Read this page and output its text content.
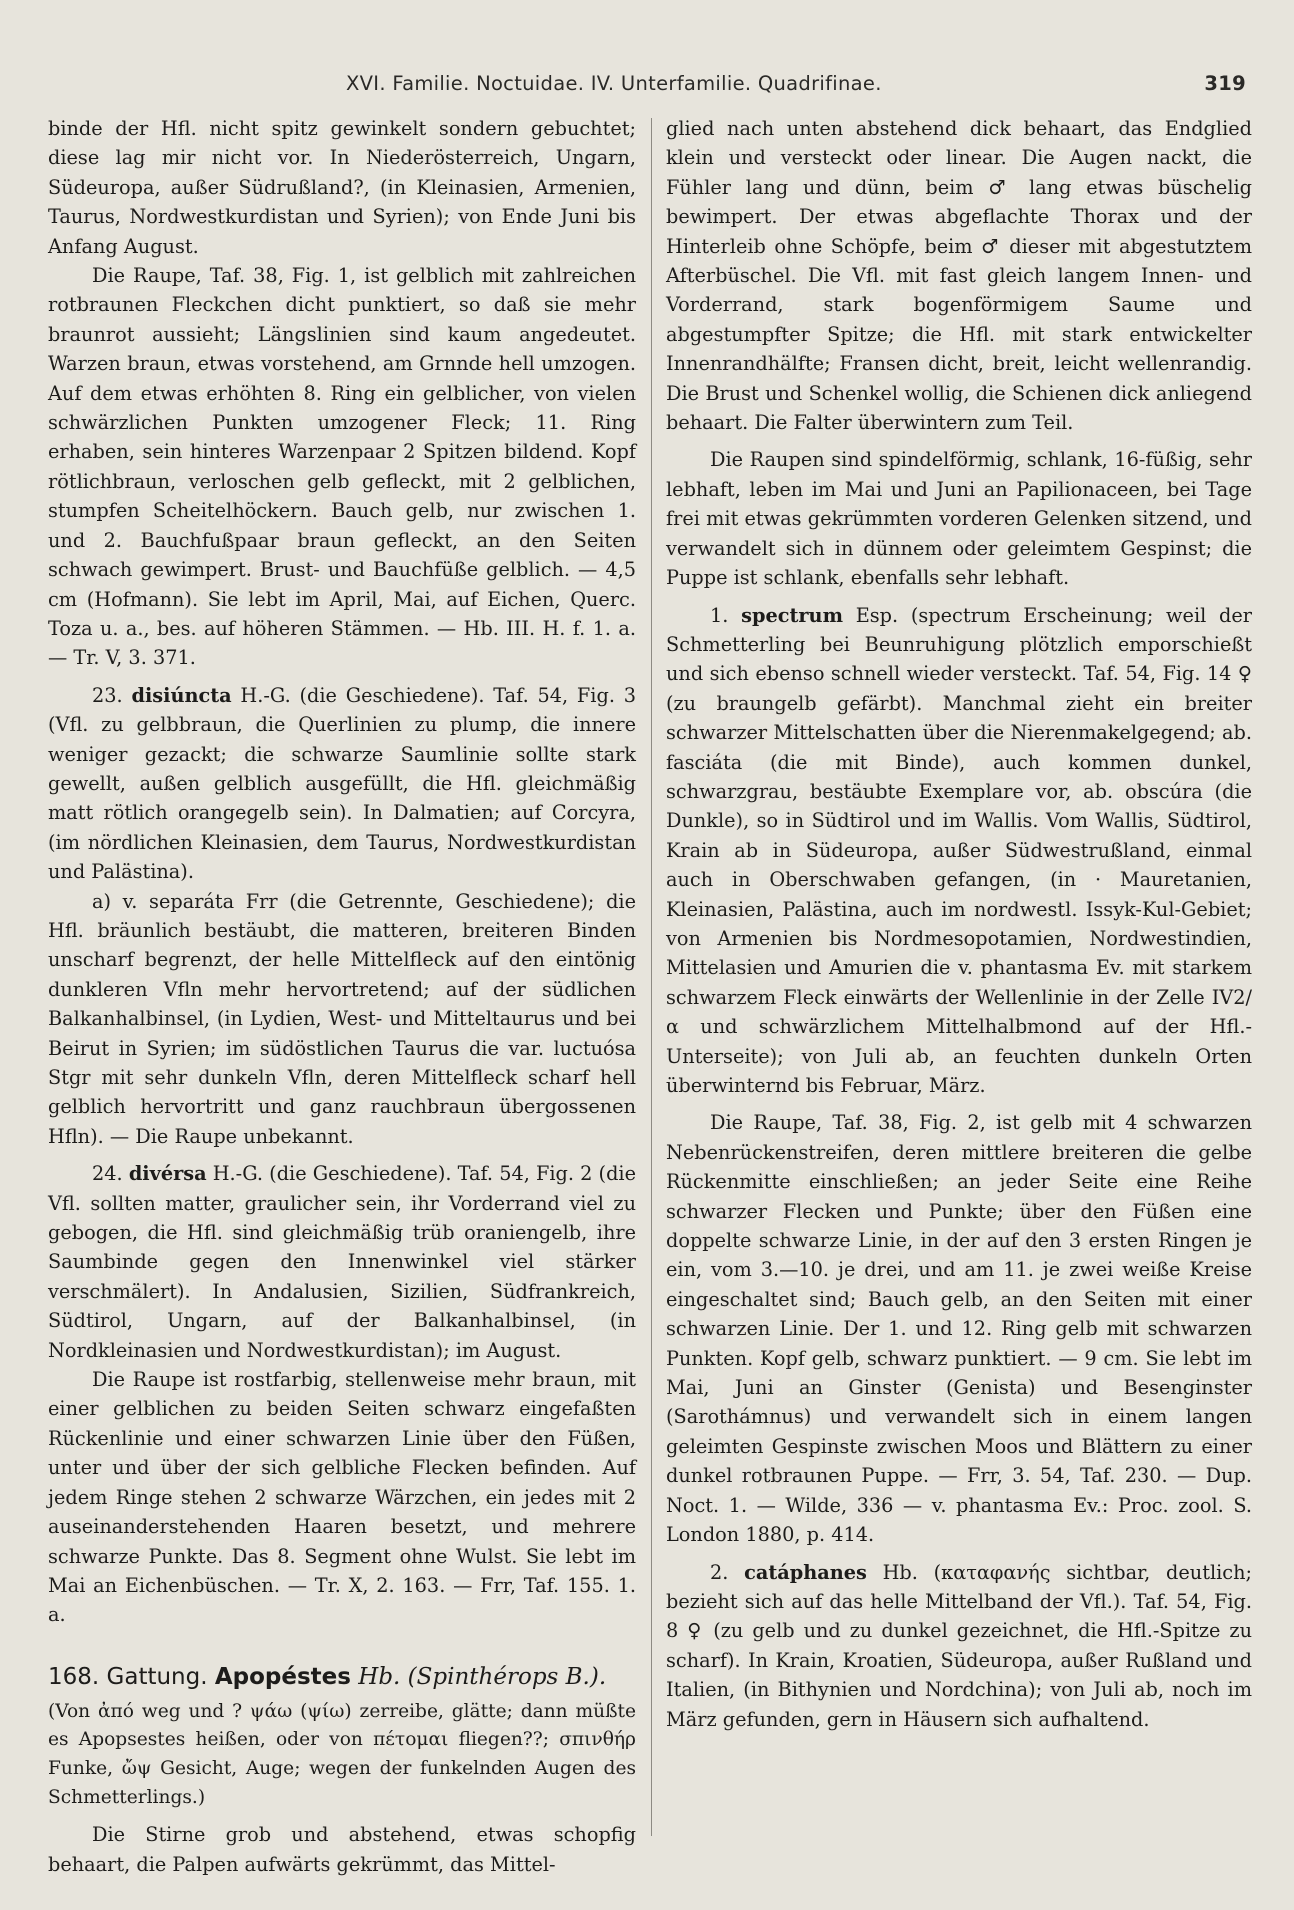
XVI. Familie. Noctuidae. IV. Unterfamilie. Quadrifinae.	319

binde der Hfl. nicht spitz gewinkelt sondern gebuchtet; diese lag mir nicht vor. In Niederösterreich, Ungarn, Südeuropa, außer Südrußland?, (in Kleinasien, Armenien, Taurus, Nordwestkurdistan und Syrien); von Ende Juni bis Anfang August.

Die Raupe, Taf. 38, Fig. 1, ist gelblich mit zahlreichen rotbraunen Fleckchen dicht punktiert, so daß sie mehr braunrot aussieht; Längslinien sind kaum angedeutet. Warzen braun, etwas vorstehend, am Grnnde hell umzogen. Auf dem etwas erhöhten 8. Ring ein gelblicher, von vielen schwärzlichen Punkten umzogener Fleck; 11. Ring erhaben, sein hinteres Warzenpaar 2 Spitzen bildend. Kopf rötlichbraun, verloschen gelb gefleckt, mit 2 gelblichen, stumpfen Scheitelhöckern. Bauch gelb, nur zwischen 1. und 2. Bauchfußpaar braun gefleckt, an den Seiten schwach gewimpert. Brust- und Bauchfüße gelblich. — 4,5 cm (Hofmann). Sie lebt im April, Mai, auf Eichen, Querc. Toza u. a., bes. auf höheren Stämmen. — Hb. III. H. f. 1. a. — Tr. V, 3. 371.

23. disiúncta H.-G. (die Geschiedene). Taf. 54, Fig. 3 (Vfl. zu gelbbraun, die Querlinien zu plump, die innere weniger gezackt; die schwarze Saumlinie sollte stark gewellt, außen gelblich ausgefüllt, die Hfl. gleichmäßig matt rötlich orangegelb sein). In Dalmatien; auf Corcyra, (im nördlichen Kleinasien, dem Taurus, Nordwestkurdistan und Palästina).

a) v. separáta Frr (die Getrennte, Geschiedene); die Hfl. bräunlich bestäubt, die matteren, breiteren Binden unscharf begrenzt, der helle Mittelfleck auf den eintönig dunkleren Vfln mehr hervortretend; auf der südlichen Balkanhalbinsel, (in Lydien, West- und Mitteltaurus und bei Beirut in Syrien; im südöstlichen Taurus die var. luctuósa Stgr mit sehr dunkeln Vfln, deren Mittelfleck scharf hell gelblich hervortritt und ganz rauchbraun übergossenen Hfln). — Die Raupe unbekannt.

24. divérsa H.-G. (die Geschiedene). Taf. 54, Fig. 2 (die Vfl. sollten matter, graulicher sein, ihr Vorderrand viel zu gebogen, die Hfl. sind gleichmäßig trüb oraniengelb, ihre Saumbinde gegen den Innenwinkel viel stärker verschmälert). In Andalusien, Sizilien, Südfrankreich, Südtirol, Ungarn, auf der Balkanhalbinsel, (in Nordkleinasien und Nordwestkurdistan); im August.

Die Raupe ist rostfarbig, stellenweise mehr braun, mit einer gelblichen zu beiden Seiten schwarz eingefaßten Rückenlinie und einer schwarzen Linie über den Füßen, unter und über der sich gelbliche Flecken befinden. Auf jedem Ringe stehen 2 schwarze Wärzchen, ein jedes mit 2 auseinanderstehenden Haaren besetzt, und mehrere schwarze Punkte. Das 8. Segment ohne Wulst. Sie lebt im Mai an Eichenbüschen. — Tr. X, 2. 163. — Frr, Taf. 155. 1. a.

168. Gattung. Apopéstes Hb. (Spinthérops B.).

(Von ἀπό weg und ? ψάω (ψίω) zerreibe, glätte; dann müßte es Apopsestes heißen, oder von πέτομαι fliegen??; σπινθήρ Funke, ὤψ Gesicht, Auge; wegen der funkelnden Augen des Schmetterlings.)

Die Stirne grob und abstehend, etwas schopfig behaart, die Palpen aufwärts gekrümmt, das Mittel-

glied nach unten abstehend dick behaart, das Endglied klein und versteckt oder linear. Die Augen nackt, die Fühler lang und dünn, beim ♂ lang etwas büschelig bewimpert. Der etwas abgeflachte Thorax und der Hinterleib ohne Schöpfe, beim ♂ dieser mit abgestutztem Afterbüschel. Die Vfl. mit fast gleich langem Innen- und Vorderrand, stark bogenförmigem Saume und abgestumpfter Spitze; die Hfl. mit stark entwickelter Innenrandhälfte; Fransen dicht, breit, leicht wellenrandig. Die Brust und Schenkel wollig, die Schienen dick anliegend behaart. Die Falter überwintern zum Teil.

Die Raupen sind spindelförmig, schlank, 16-füßig, sehr lebhaft, leben im Mai und Juni an Papilionaceen, bei Tage frei mit etwas gekrümmten vorderen Gelenken sitzend, und verwandelt sich in dünnem oder geleimtem Gespinst; die Puppe ist schlank, ebenfalls sehr lebhaft.

1. spectrum Esp. (spectrum Erscheinung; weil der Schmetterling bei Beunruhigung plötzlich emporschießt und sich ebenso schnell wieder versteckt. Taf. 54, Fig. 14 ♀ (zu braungelb gefärbt). Manchmal zieht ein breiter schwarzer Mittelschatten über die Nierenmakelgegend; ab. fasciáta (die mit Binde), auch kommen dunkel, schwarzgrau, bestäubte Exemplare vor, ab. obscúra (die Dunkle), so in Südtirol und im Wallis. Vom Wallis, Südtirol, Krain ab in Südeuropa, außer Südwestrußland, einmal auch in Oberschwaben gefangen, (in · Mauretanien, Kleinasien, Palästina, auch im nordwestl. Issyk-Kul-Gebiet; von Armenien bis Nordmesopotamien, Nordwestindien, Mittelasien und Amurien die v. phantasma Ev. mit starkem schwarzem Fleck einwärts der Wellenlinie in der Zelle IV2/α und schwärzlichem Mittelhalbmond auf der Hfl.-Unterseite); von Juli ab, an feuchten dunkeln Orten überwinternd bis Februar, März.

Die Raupe, Taf. 38, Fig. 2, ist gelb mit 4 schwarzen Nebenrückenstreifen, deren mittlere breiteren die gelbe Rückenmitte einschließen; an jeder Seite eine Reihe schwarzer Flecken und Punkte; über den Füßen eine doppelte schwarze Linie, in der auf den 3 ersten Ringen je ein, vom 3.—10. je drei, und am 11. je zwei weiße Kreise eingeschaltet sind; Bauch gelb, an den Seiten mit einer schwarzen Linie. Der 1. und 12. Ring gelb mit schwarzen Punkten. Kopf gelb, schwarz punktiert. — 9 cm. Sie lebt im Mai, Juni an Ginster (Genista) und Besenginster (Sarothámnus) und verwandelt sich in einem langen geleimten Gespinste zwischen Moos und Blättern zu einer dunkel rotbraunen Puppe. — Frr, 3. 54, Taf. 230. — Dup. Noct. 1. — Wilde, 336 — v. phantasma Ev.: Proc. zool. S. London 1880, p. 414.

2. catáphanes Hb. (καταφανής sichtbar, deutlich; bezieht sich auf das helle Mittelband der Vfl.). Taf. 54, Fig. 8 ♀ (zu gelb und zu dunkel gezeichnet, die Hfl.-Spitze zu scharf). In Krain, Kroatien, Südeuropa, außer Rußland und Italien, (in Bithynien und Nordchina); von Juli ab, noch im März gefunden, gern in Häusern sich aufhaltend.
